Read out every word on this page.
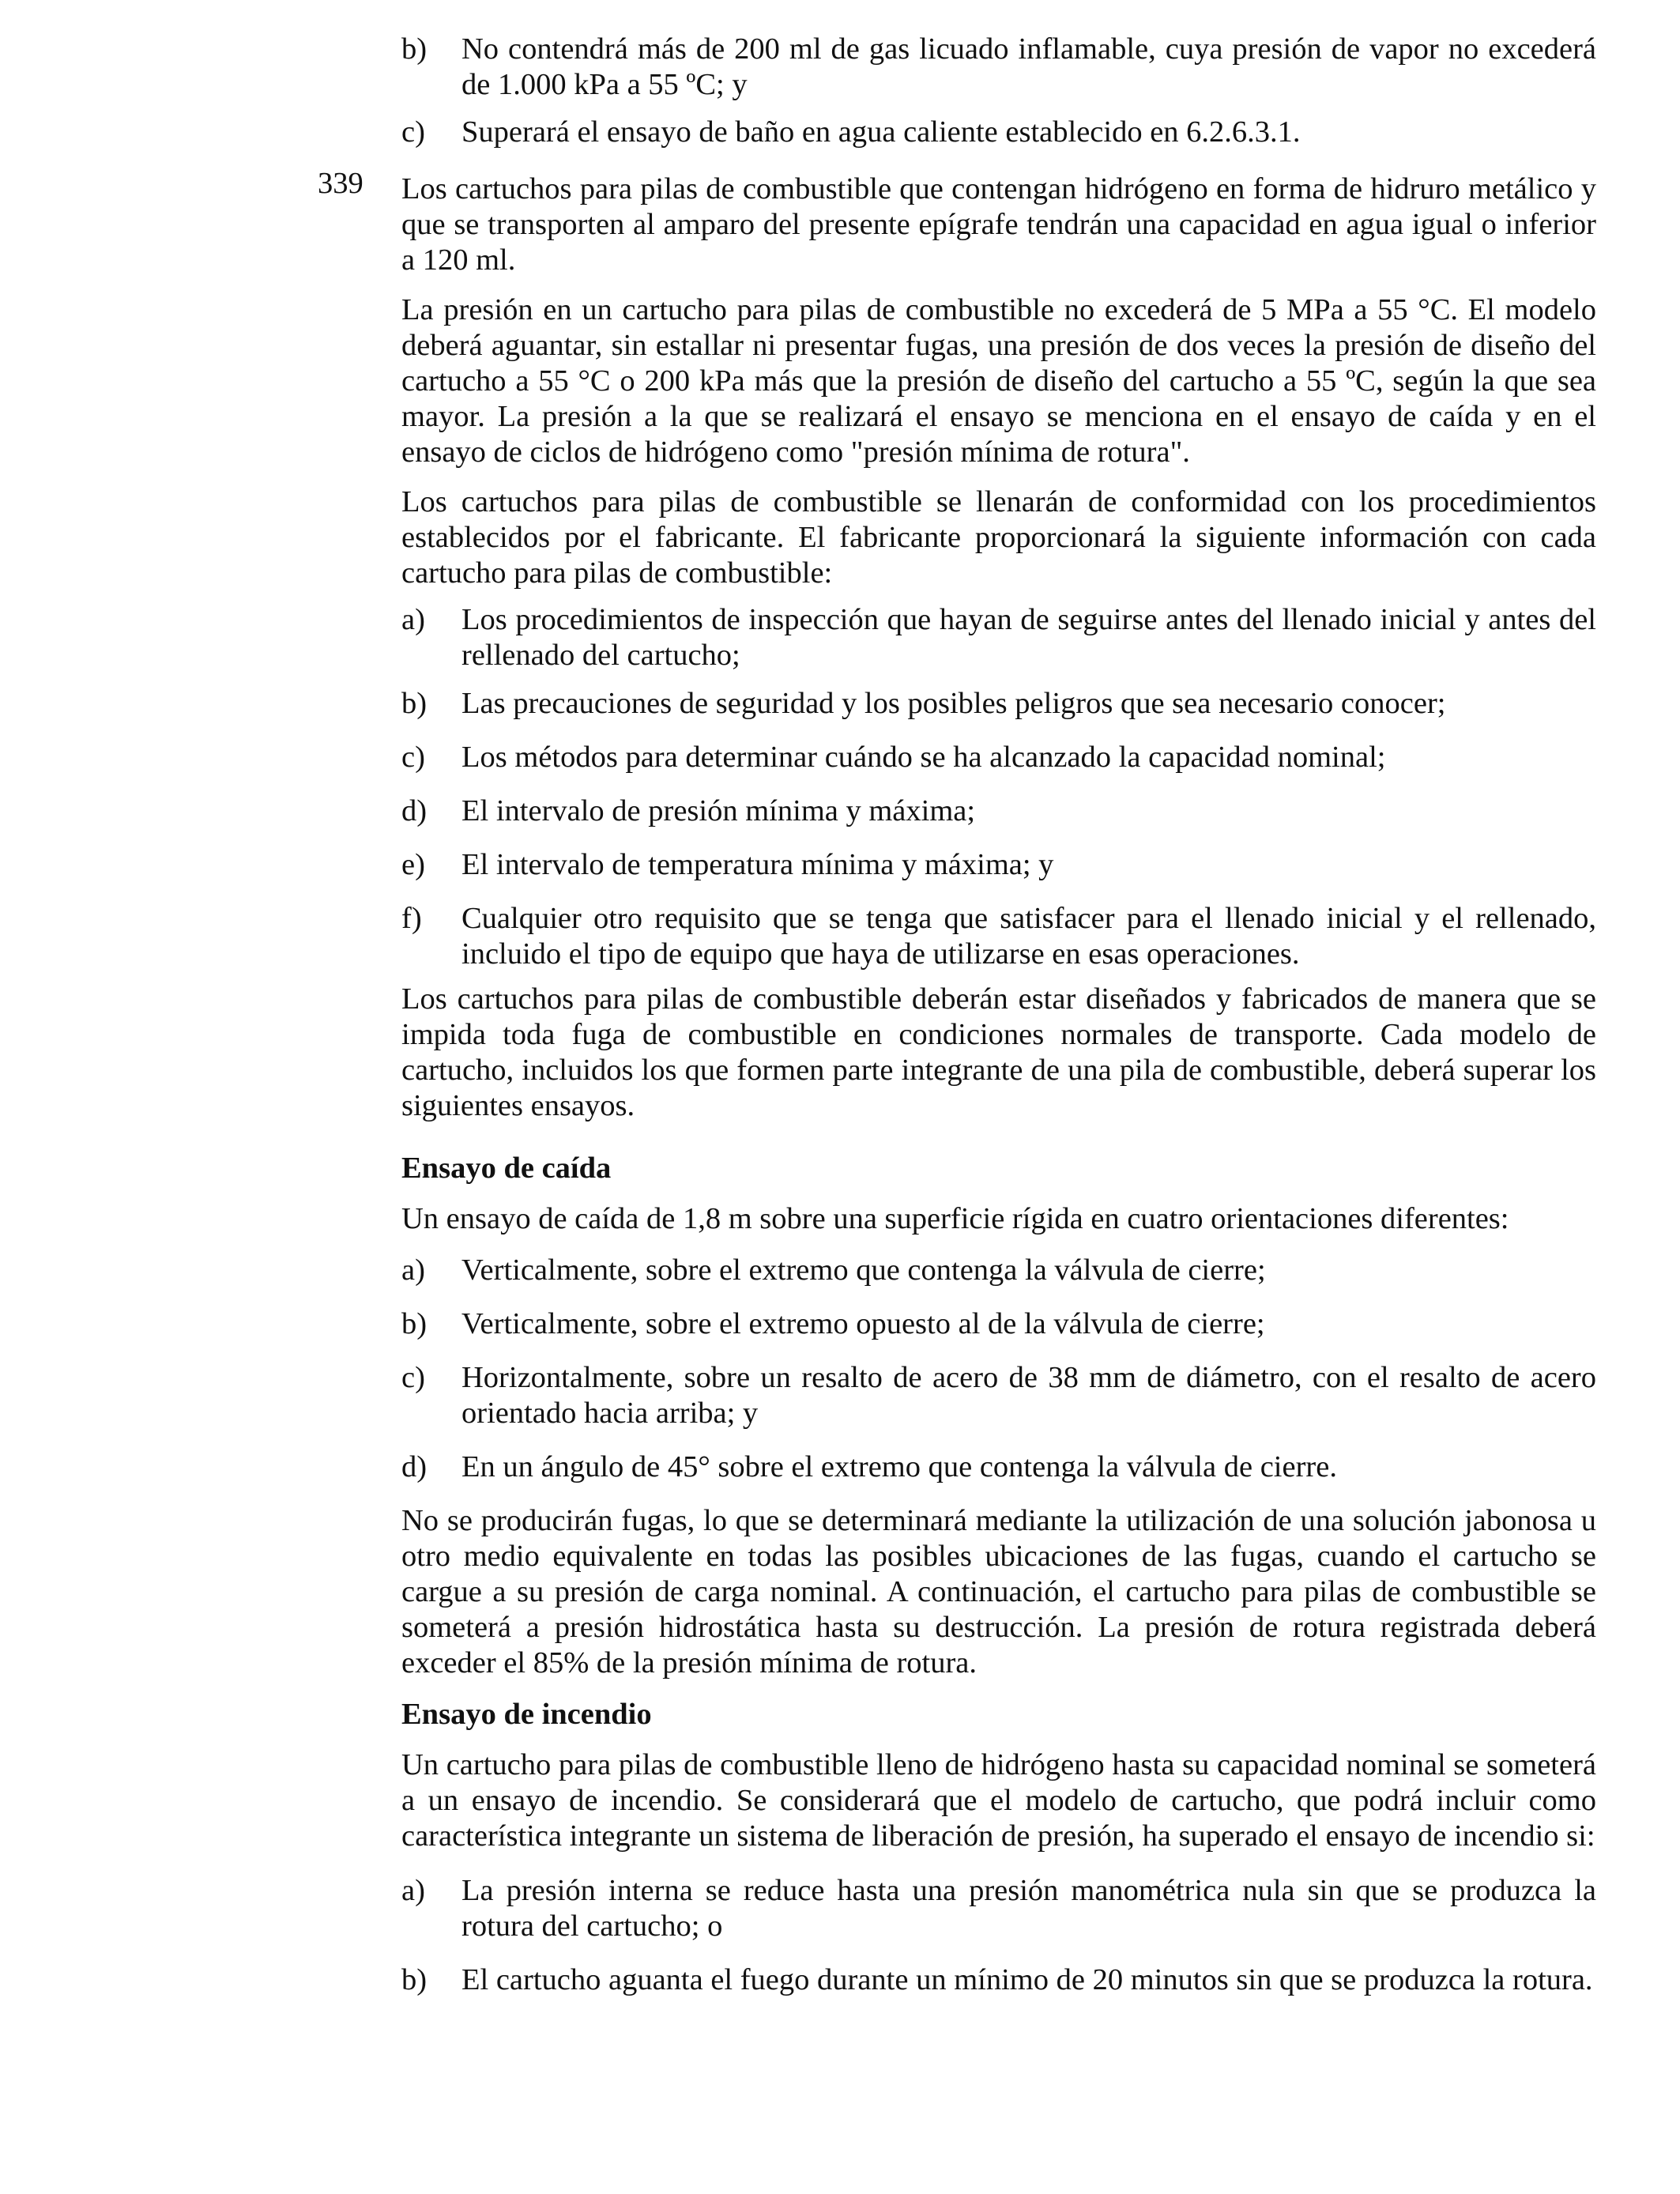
339
b)	No contendrá más de 200 ml de gas licuado inflamable, cuya presión de vapor no excederá de 1.000 kPa a 55 ºC; y
c)	Superará el ensayo de baño en agua caliente establecido en 6.2.6.3.1.

Los cartuchos para pilas de combustible que contengan hidrógeno en forma de hidruro metálico y que se transporten al amparo del presente epígrafe tendrán una capacidad en agua igual o inferior a 120 ml.

La presión en un cartucho para pilas de combustible no excederá de 5 MPa a 55 °C. El modelo deberá aguantar, sin estallar ni presentar fugas, una presión de dos veces la presión de diseño del cartucho a 55 °C o 200 kPa más que la presión de diseño del cartucho a 55 ºC, según la que sea mayor. La presión a la que se realizará el ensayo se menciona en el ensayo de caída y en el ensayo de ciclos de hidrógeno como "presión mínima de rotura".

Los cartuchos para pilas de combustible se llenarán de conformidad con los procedimientos establecidos por el fabricante. El fabricante proporcionará la siguiente información con cada cartucho para pilas de combustible:

a)	Los procedimientos de inspección que hayan de seguirse antes del llenado inicial y antes del rellenado del cartucho;
b)	Las precauciones de seguridad y los posibles peligros que sea necesario conocer;
c)	Los métodos para determinar cuándo se ha alcanzado la capacidad nominal;
d)	El intervalo de presión mínima y máxima;
e)	El intervalo de temperatura mínima y máxima; y
f)	Cualquier otro requisito que se tenga que satisfacer para el llenado inicial y el rellenado, incluido el tipo de equipo que haya de utilizarse en esas operaciones.

Los cartuchos para pilas de combustible deberán estar diseñados y fabricados de manera que se impida toda fuga de combustible en condiciones normales de transporte. Cada modelo de cartucho, incluidos los que formen parte integrante de una pila de combustible, deberá superar los siguientes ensayos.

Ensayo de caída

Un ensayo de caída de 1,8 m sobre una superficie rígida en cuatro orientaciones diferentes:

a)	Verticalmente, sobre el extremo que contenga la válvula de cierre;
b)	Verticalmente, sobre el extremo opuesto al de la válvula de cierre;
c)	Horizontalmente, sobre un resalto de acero de 38 mm de diámetro, con el resalto de acero orientado hacia arriba; y
d)	En un ángulo de 45° sobre el extremo que contenga la válvula de cierre.

No se producirán fugas, lo que se determinará mediante la utilización de una solución jabonosa u otro medio equivalente en todas las posibles ubicaciones de las fugas, cuando el cartucho se cargue a su presión de carga nominal. A continuación, el cartucho para pilas de combustible se someterá a presión hidrostática hasta su destrucción. La presión de rotura registrada deberá exceder el 85% de la presión mínima de rotura.

Ensayo de incendio

Un cartucho para pilas de combustible lleno de hidrógeno hasta su capacidad nominal se someterá a un ensayo de incendio. Se considerará que el modelo de cartucho, que podrá incluir como característica integrante un sistema de liberación de presión, ha superado el ensayo de incendio si:

a)	La presión interna se reduce hasta una presión manométrica nula sin que se produzca la rotura del cartucho; o
b)	El cartucho aguanta el fuego durante un mínimo de 20 minutos sin que se produzca la rotura.
